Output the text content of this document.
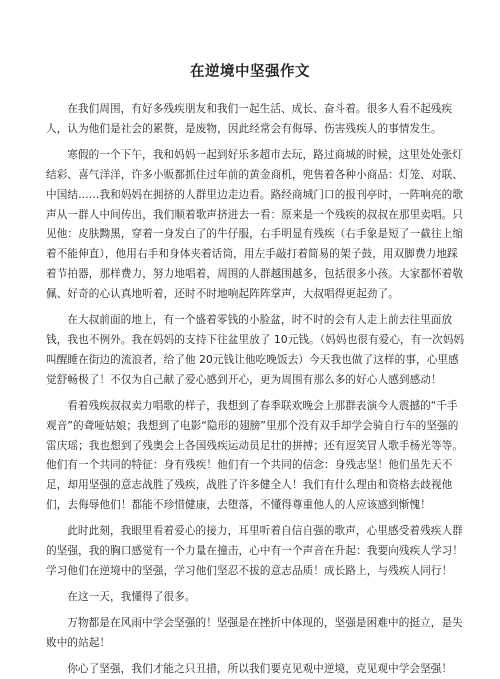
在逆境中坚强作文

在我们周围，有好多残疾朋友和我们一起生活、成长、奋斗着。很多人看不起残疾人，认为他们是社会的累赘，是废物，因此经常会有侮辱、伤害残疾人的事情发生。

寒假的一个下午，我和妈妈一起到好乐多超市去玩，路过商城的时候，这里处处张灯结彩、喜气洋洋，许多小贩都抓住过年前的黄金商机，兜售着各种小商品：灯笼、对联、中国结……我和妈妈在拥挤的人群里边走边看。路经商城门口的报刊亭时，一阵响亮的歌声从一群人中间传出，我们顺着歌声挤进去一看：原来是一个残疾的叔叔在那里卖唱。只见他：皮肤黝黑，穿着一身发白了的牛仔服，右手明显有残疾（右手象是短了一截往上缩着不能伸直），他用右手和身体夹着话筒，用左手敲打着简易的架子鼓，用双脚费力地踩着节拍器，那样费力，努力地唱着，周围的人群越围越多，包括很多小孩。大家都怀着敬佩、好奇的心认真地听着，还时不时地响起阵阵掌声，大叔唱得更起劲了。

在大叔前面的地上，有一个盛着零钱的小脸盆，时不时的会有人走上前去往里面放钱，我也不例外。我在妈妈的支持下往盆里放了 10元钱。（妈妈也很有爱心，有一次妈妈叫醒睡在街边的流浪者，给了他 20元钱让他吃晚饭去）今天我也做了这样的事，心里感觉舒畅极了！不仅为自己献了爱心感到开心，更为周围有那么多的好心人感到感动！

看着残疾叔叔卖力唱歌的样子，我想到了春季联欢晚会上那群表演今人震撼的“千手观音”的聋哑姑娘；我想到了电影“隐形的翅膀”里那个没有双手却学会骑自行车的坚强的雷庆瑶；我也想到了残奥会上各国残疾运动员足壮的拼搏；还有逗笑冒人歌手杨光等等。他们有一个共同的特征：身有残疾！他们有一个共同的信念：身残志坚！他们虽先天不足，却用坚强的意志战胜了残疾，战胜了许多健全人！我们有什么理由和资格去歧视他们，去侮辱他们！都能不珍惜健康，去堕落，不懂得尊重他人的人应该感到惭愧！

此时此刻，我眼里看着爱心的接力，耳里听着自信自强的歌声，心里感受着残疾人群的坚强，我的胸口感觉有一个力量在撞击，心中有一个声音在升起：我要向残疾人学习！学习他们在逆境中的坚强，学习他们坚忍不拔的意志品质！成长路上，与残疾人同行！

在这一天，我懂得了很多。

万物都是在风雨中学会坚强的！坚强是在挫折中体现的，坚强是困难中的挺立，是失败中的站起！

你心了坚强，我们才能之只丑措，所以我们要克见观中逆境，克见观中学会坚强！
